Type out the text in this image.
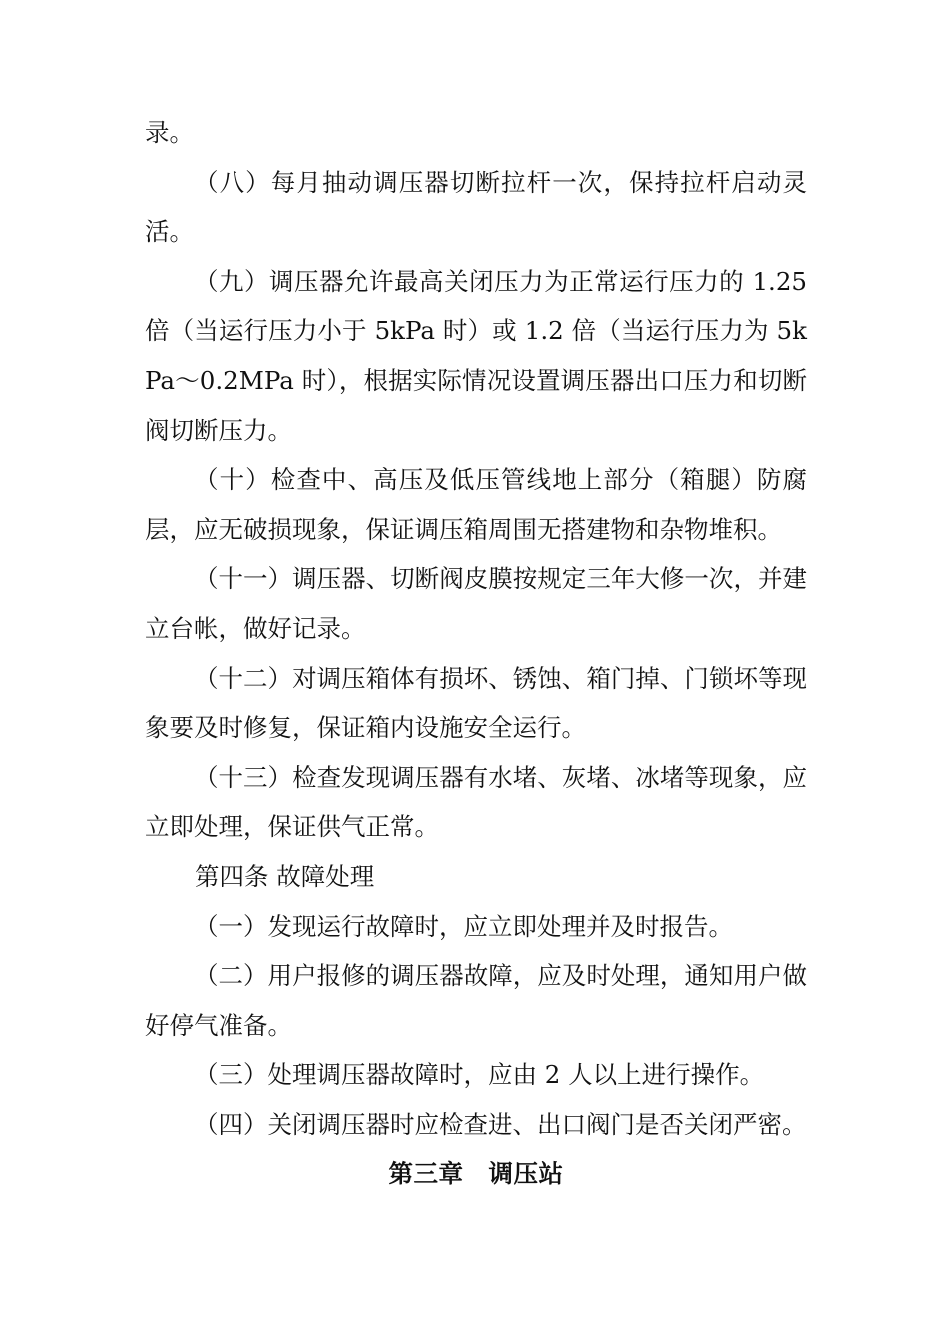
录。

（八）每月抽动调压器切断拉杆一次，保持拉杆启动灵活。

（九）调压器允许最高关闭压力为正常运行压力的 1.25 倍（当运行压力小于 5kPa 时）或 1.2 倍（当运行压力为 5kPa～0.2MPa 时），根据实际情况设置调压器出口压力和切断阀切断压力。

（十）检查中、高压及低压管线地上部分（箱腿）防腐层，应无破损现象，保证调压箱周围无搭建物和杂物堆积。

（十一）调压器、切断阀皮膜按规定三年大修一次，并建立台帐，做好记录。

（十二）对调压箱体有损坏、锈蚀、箱门掉、门锁坏等现象要及时修复，保证箱内设施安全运行。

（十三）检查发现调压器有水堵、灰堵、冰堵等现象，应立即处理，保证供气正常。

第四条 故障处理

（一）发现运行故障时，应立即处理并及时报告。

（二）用户报修的调压器故障，应及时处理，通知用户做好停气准备。

（三）处理调压器故障时，应由 2 人以上进行操作。

（四）关闭调压器时应检查进、出口阀门是否关闭严密。

第三章　调压站
